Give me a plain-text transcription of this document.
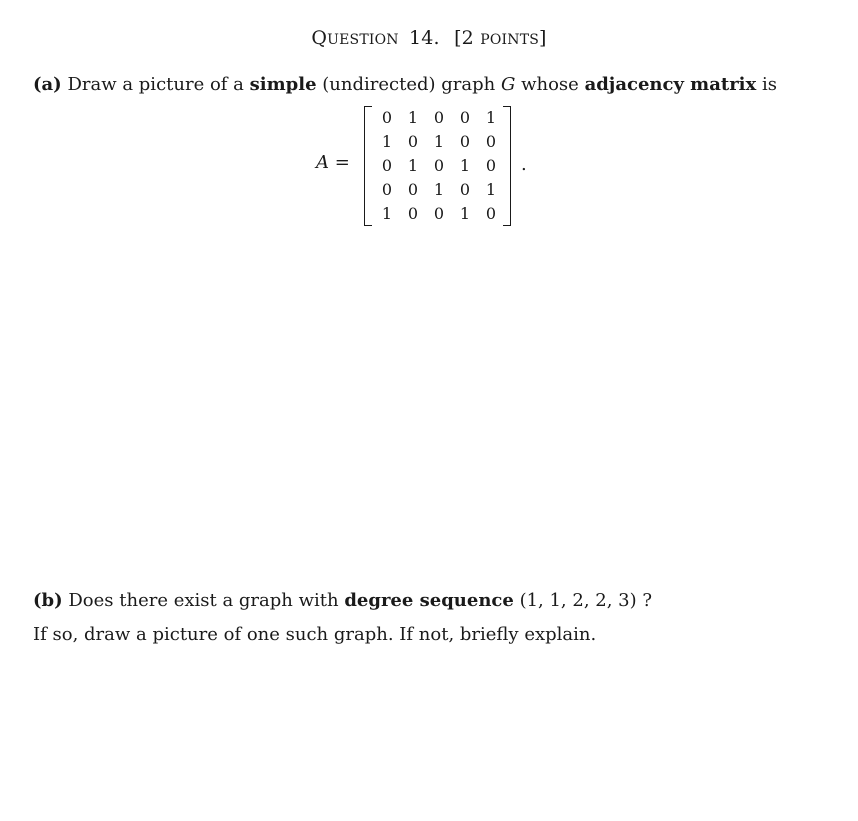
QUESTION 14. [2 POINTS]
(a) Draw a picture of a simple (undirected) graph G whose adjacency matrix is
A =
0 1 0 0 1
1 0 1 0 0
0 1 0 1 0
0 0 1 0 1
1 0 0 1 0
.
(b) Does there exist a graph with degree sequence (1, 1, 2, 2, 3) ?
If so, draw a picture of one such graph. If not, briefly explain.
